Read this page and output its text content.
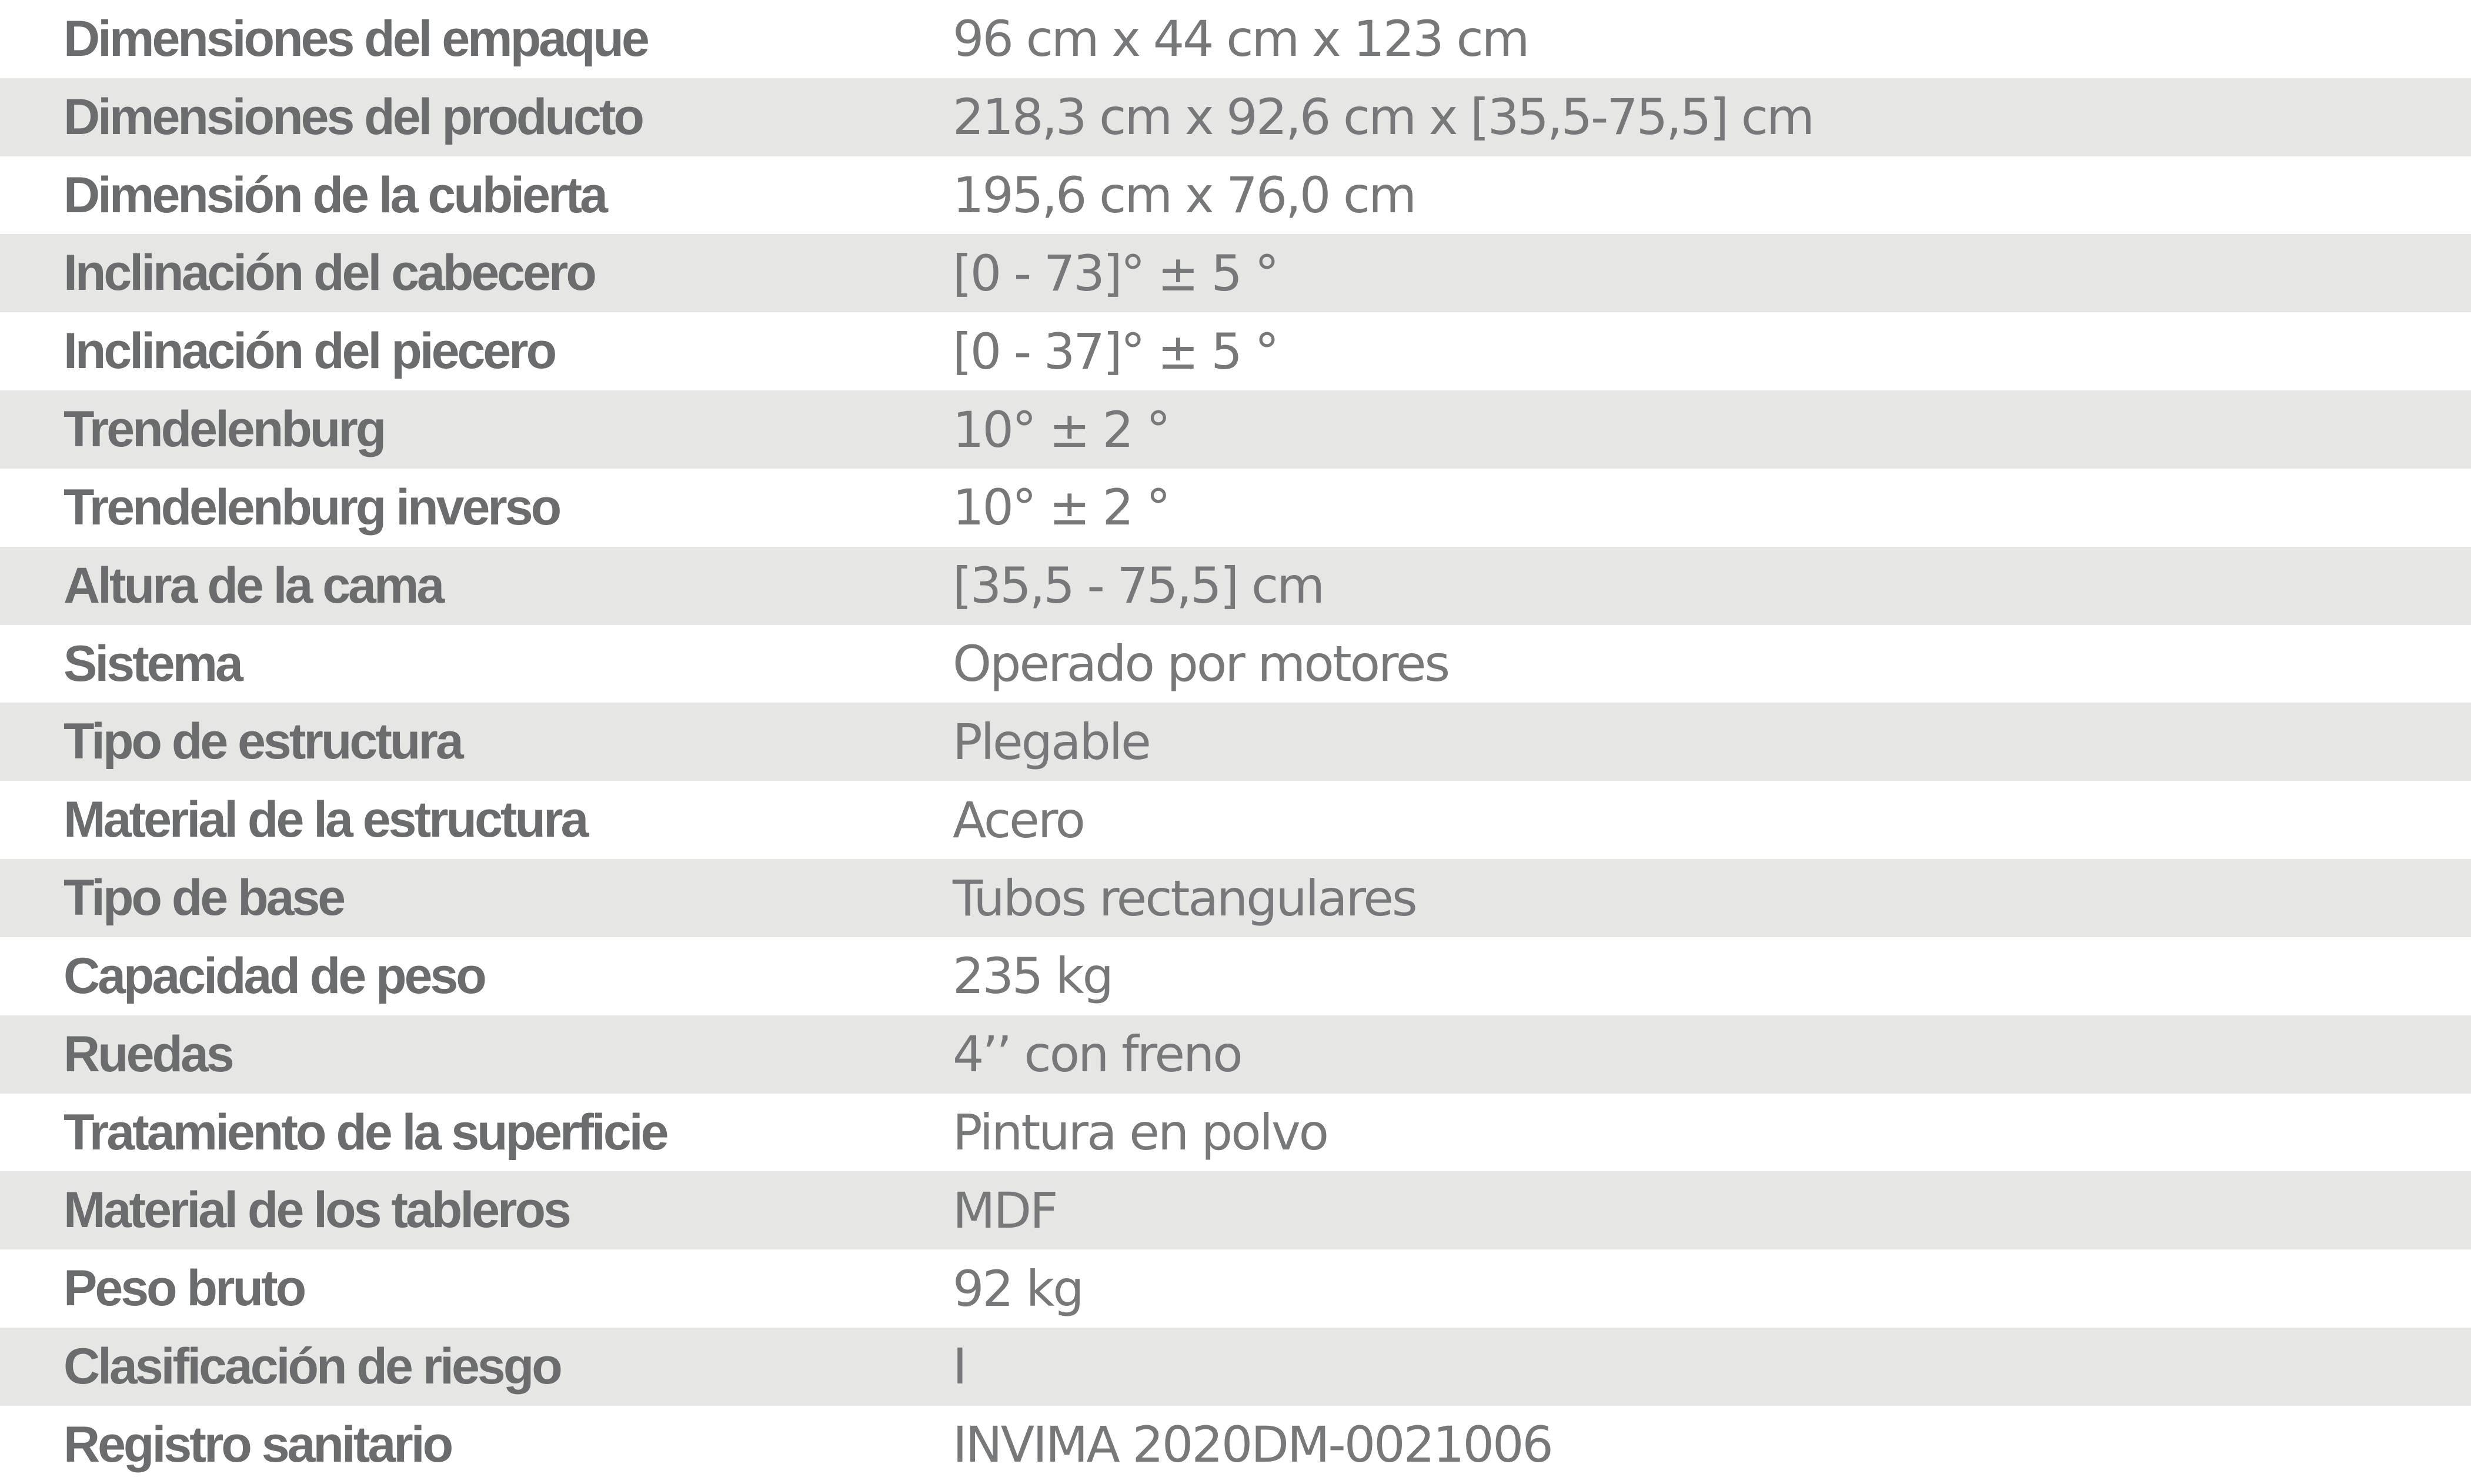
Dimensiones del empaque	96 cm x 44 cm x 123 cm
Dimensiones del producto	218,3 cm x 92,6 cm x [35,5-75,5] cm
Dimensión de la cubierta	195,6 cm x 76,0 cm
Inclinación del cabecero	[0 - 73]° ± 5 °
Inclinación del piecero	[0 - 37]° ± 5 °
Trendelenburg	10° ± 2 °
Trendelenburg inverso	10° ± 2 °
Altura de la cama	[35,5 - 75,5] cm
Sistema	Operado por motores
Tipo de estructura	Plegable
Material de la estructura	Acero
Tipo de base	Tubos rectangulares
Capacidad de peso	235 kg
Ruedas	4’’ con freno
Tratamiento de la superficie	Pintura en polvo
Material de los tableros	MDF
Peso bruto	92 kg
Clasificación de riesgo	I
Registro sanitario	INVIMA 2020DM-0021006
